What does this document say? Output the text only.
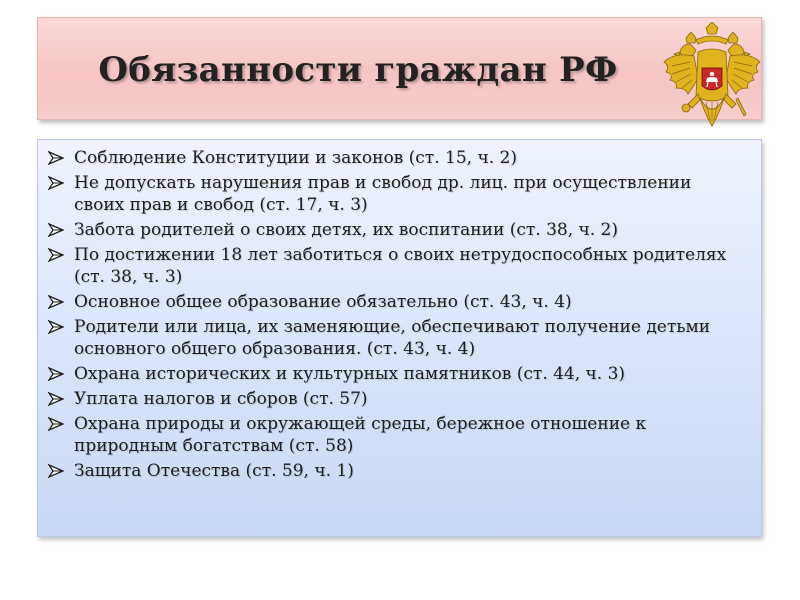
Обязанности граждан РФ
Соблюдение Конституции и законов (ст. 15, ч. 2)
Не допускать нарушения прав и свобод др. лиц. при осуществлении своих прав и свобод (ст. 17, ч. 3)
Забота родителей о своих детях, их воспитании (ст. 38, ч. 2)
По достижении 18 лет заботиться о своих нетрудоспособных родителях (ст. 38, ч. 3)
Основное общее образование обязательно (ст. 43, ч. 4)
Родители или лица, их заменяющие, обеспечивают получение детьми основного общего образования. (ст. 43, ч. 4)
Охрана исторических и культурных памятников (ст. 44, ч. 3)
Уплата налогов и сборов (ст. 57)
Охрана природы и окружающей среды, бережное отношение к природным богатствам (ст. 58)
Защита Отечества (ст. 59, ч. 1)
